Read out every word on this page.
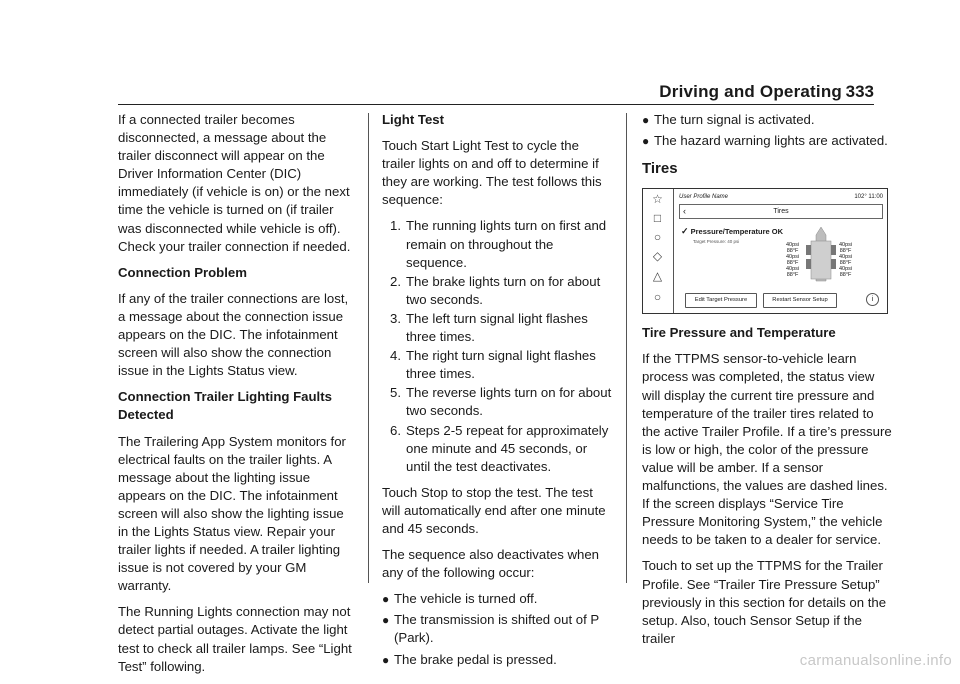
Driving and Operating 333

If a connected trailer becomes disconnected, a message about the trailer disconnect will appear on the Driver Information Center (DIC) immediately (if vehicle is on) or the next time the vehicle is turned on (if trailer was disconnected while vehicle is off). Check your trailer connection if needed.

Connection Problem

If any of the trailer connections are lost, a message about the connection issue appears on the DIC. The infotainment screen will also show the connection issue in the Lights Status view.

Connection Trailer Lighting Faults Detected

The Trailering App System monitors for electrical faults on the trailer lights. A message about the lighting issue appears on the DIC. The infotainment screen will also show the lighting issue in the Lights Status view. Repair your trailer lights if needed. A trailer lighting issue is not covered by your GM warranty.

The Running Lights connection may not detect partial outages. Activate the light test to check all trailer lamps. See “Light Test” following.

Light Test

Touch Start Light Test to cycle the trailer lights on and off to determine if they are working. The test follows this sequence:

1. The running lights turn on first and remain on throughout the sequence.
2. The brake lights turn on for about two seconds.
3. The left turn signal light flashes three times.
4. The right turn signal light flashes three times.
5. The reverse lights turn on for about two seconds.
6. Steps 2-5 repeat for approximately one minute and 45 seconds, or until the test deactivates.

Touch Stop to stop the test. The test will automatically end after one minute and 45 seconds.

The sequence also deactivates when any of the following occur:

● The vehicle is turned off.
● The transmission is shifted out of P (Park).
● The brake pedal is pressed.
● The turn signal is activated.
● The hazard warning lights are activated.
Tires
☆
□
○
◇
△
○
User Profile Name	102° 11:00
‹	Tires
✓ Pressure/Temperature OK
Target Pressure: 40 psi
40psi
88°F
40psi
88°F
40psi
88°F
40psi
88°F
40psi
88°F
40psi
88°F
Edit Target Pressure	Restart Sensor Setup	i

Tire Pressure and Temperature

If the TTPMS sensor-to-vehicle learn process was completed, the status view will display the current tire pressure and temperature of the trailer tires related to the active Trailer Profile. If a tire’s pressure is low or high, the color of the pressure value will be amber. If a sensor malfunctions, the values are dashed lines. If the screen displays “Service Tire Pressure Monitoring System,” the vehicle needs to be taken to a dealer for service.

Touch to set up the TTPMS for the Trailer Profile. See “Trailer Tire Pressure Setup” previously in this section for details on the setup. Also, touch Sensor Setup if the trailer

carmanualsonline.info
